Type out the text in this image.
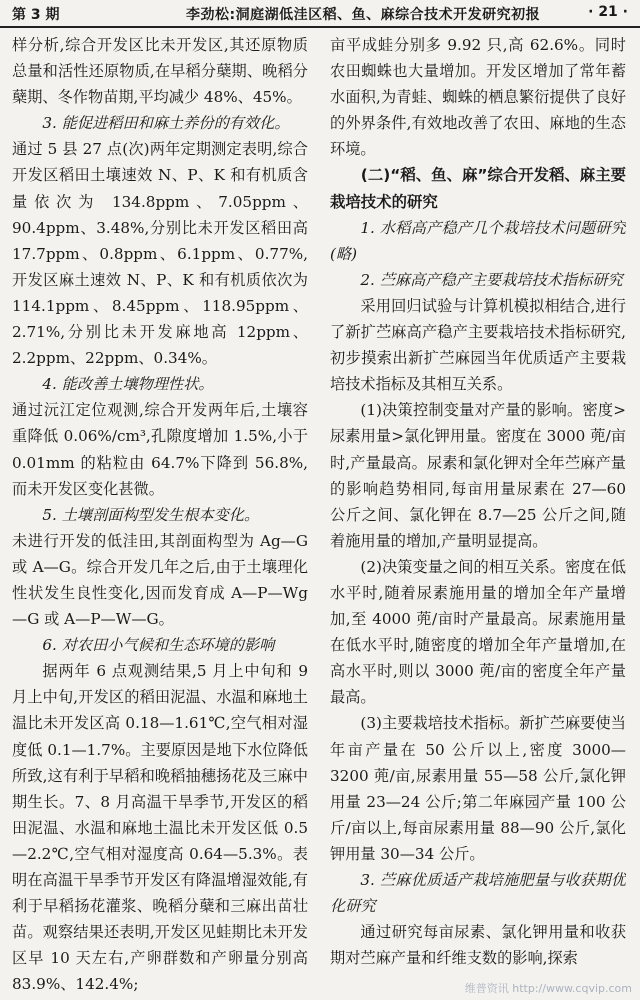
第 3 期	李劲松:洞庭湖低洼区稻、鱼、麻综合技术开发研究初报	· 21 ·

样分析,综合开发区比未开发区,其还原物质总量和活性还原物质,在早稻分蘖期、晚稻分蘖期、冬作物苗期,平均减少 48%、45%。

3. 能促进稻田和麻土养份的有效化。

通过 5 县 27 点(次)两年定期测定表明,综合开发区稻田土壤速效 N、P、K 和有机质含量依次为 134.8ppm、7.05ppm、90.4ppm、3.48%,分别比未开发区稻田高 17.7ppm、0.8ppm、6.1ppm、0.77%,开发区麻土速效 N、P、K 和有机质依次为 114.1ppm、8.45ppm、118.95ppm、2.71%,分别比未开发麻地高 12ppm、2.2ppm、22ppm、0.34%。

4. 能改善土壤物理性状。

通过沅江定位观测,综合开发两年后,土壤容重降低 0.06%/cm³,孔隙度增加 1.5%,小于 0.01mm 的粘粒由 64.7%下降到 56.8%,而未开发区变化甚微。

5. 土壤剖面构型发生根本变化。

未进行开发的低洼田,其剖面构型为 Ag—G 或 A—G。综合开发几年之后,由于土壤理化性状发生良性变化,因而发育成 A—P—Wg—G 或 A—P—W—G。

6. 对农田小气候和生态环境的影响

据两年 6 点观测结果,5 月上中旬和 9 月上中旬,开发区的稻田泥温、水温和麻地土温比未开发区高 0.18—1.61℃,空气相对湿度低 0.1—1.7%。主要原因是地下水位降低所致,这有利于早稻和晚稻抽穗扬花及三麻中期生长。7、8 月高温干旱季节,开发区的稻田泥温、水温和麻地土温比未开发区低 0.5—2.2℃,空气相对湿度高 0.64—5.3%。表明在高温干旱季节开发区有降温增湿效能,有利于早稻扬花灌浆、晚稻分蘖和三麻出苗壮苗。观察结果还表明,开发区见蛙期比未开发区早 10 天左右,产卵群数和产卵量分别高 83.9%、142.4%;

亩平成蛙分别多 9.92 只,高 62.6%。同时农田蜘蛛也大量增加。开发区增加了常年蓄水面积,为青蛙、蜘蛛的栖息繁衍提供了良好的外界条件,有效地改善了农田、麻地的生态环境。

(二)“稻、鱼、麻”综合开发稻、麻主要栽培技术的研究

1. 水稻高产稳产几个栽培技术问题研究(略)

2. 苎麻高产稳产主要栽培技术指标研究

采用回归试验与计算机模拟相结合,进行了新扩苎麻高产稳产主要栽培技术指标研究,初步摸索出新扩苎麻园当年优质适产主要栽培技术指标及其相互关系。

(1)决策控制变量对产量的影响。密度>尿素用量>氯化钾用量。密度在 3000 蔸/亩时,产量最高。尿素和氯化钾对全年苎麻产量的影响趋势相同,每亩用量尿素在 27—60 公斤之间、氯化钾在 8.7—25 公斤之间,随着施用量的增加,产量明显提高。

(2)决策变量之间的相互关系。密度在低水平时,随着尿素施用量的增加全年产量增加,至 4000 蔸/亩时产量最高。尿素施用量在低水平时,随密度的增加全年产量增加,在高水平时,则以 3000 蔸/亩的密度全年产量最高。

(3)主要栽培技术指标。新扩苎麻要使当年亩产量在 50 公斤以上,密度 3000—3200 蔸/亩,尿素用量 55—58 公斤,氯化钾用量 23—24 公斤;第二年麻园产量 100 公斤/亩以上,每亩尿素用量 88—90 公斤,氯化钾用量 30—34 公斤。

3. 苎麻优质适产栽培施肥量与收获期优化研究

通过研究每亩尿素、氯化钾用量和收获期对苎麻产量和纤维支数的影响,探索

维普资讯 http://www.cqvip.com
